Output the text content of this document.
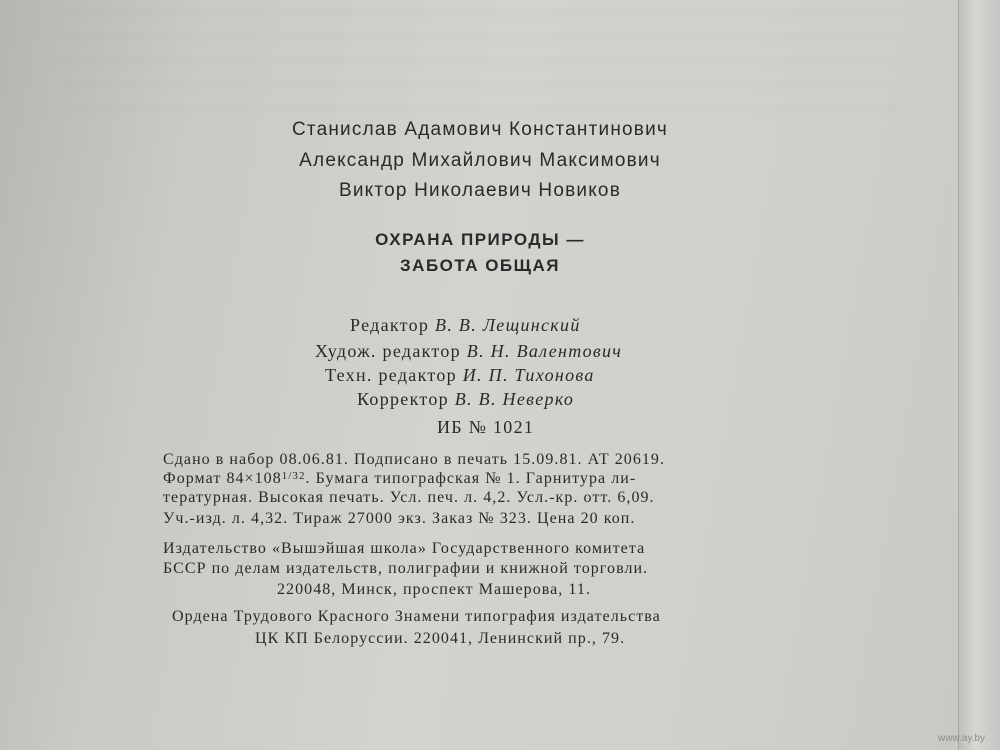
Станислав Адамович Константинович
Александр Михайлович Максимович
Виктор Николаевич Новиков
ОХРАНА ПРИРОДЫ —
ЗАБОТА ОБЩАЯ
Редактор В. В. Лещинский
Худож. редактор В. Н. Валентович
Техн. редактор И. П. Тихонова
Корректор В. В. Неверко
ИБ № 1021
Сдано в набор 08.06.81. Подписано в печать 15.09.81. АТ 20619.
Формат $84\times 108^{1/32}$. Бумага типографская № 1. Гарнитура ли-
тературная. Высокая печать. Усл. печ. л. 4,2. Усл.-кр. отт. 6,09.
Уч.-изд. л. 4,32. Тираж 27000 экз. Заказ № 323. Цена 20 коп.
Издательство «Вышэйшая школа» Государственного комитета
БССР по делам издательств, полиграфии и книжной торговли.
220048, Минск, проспект Машерова, 11.
Ордена Трудового Красного Знамени типография издательства
ЦК КП Белоруссии. 220041, Ленинский пр., 79.
www.ay.by
